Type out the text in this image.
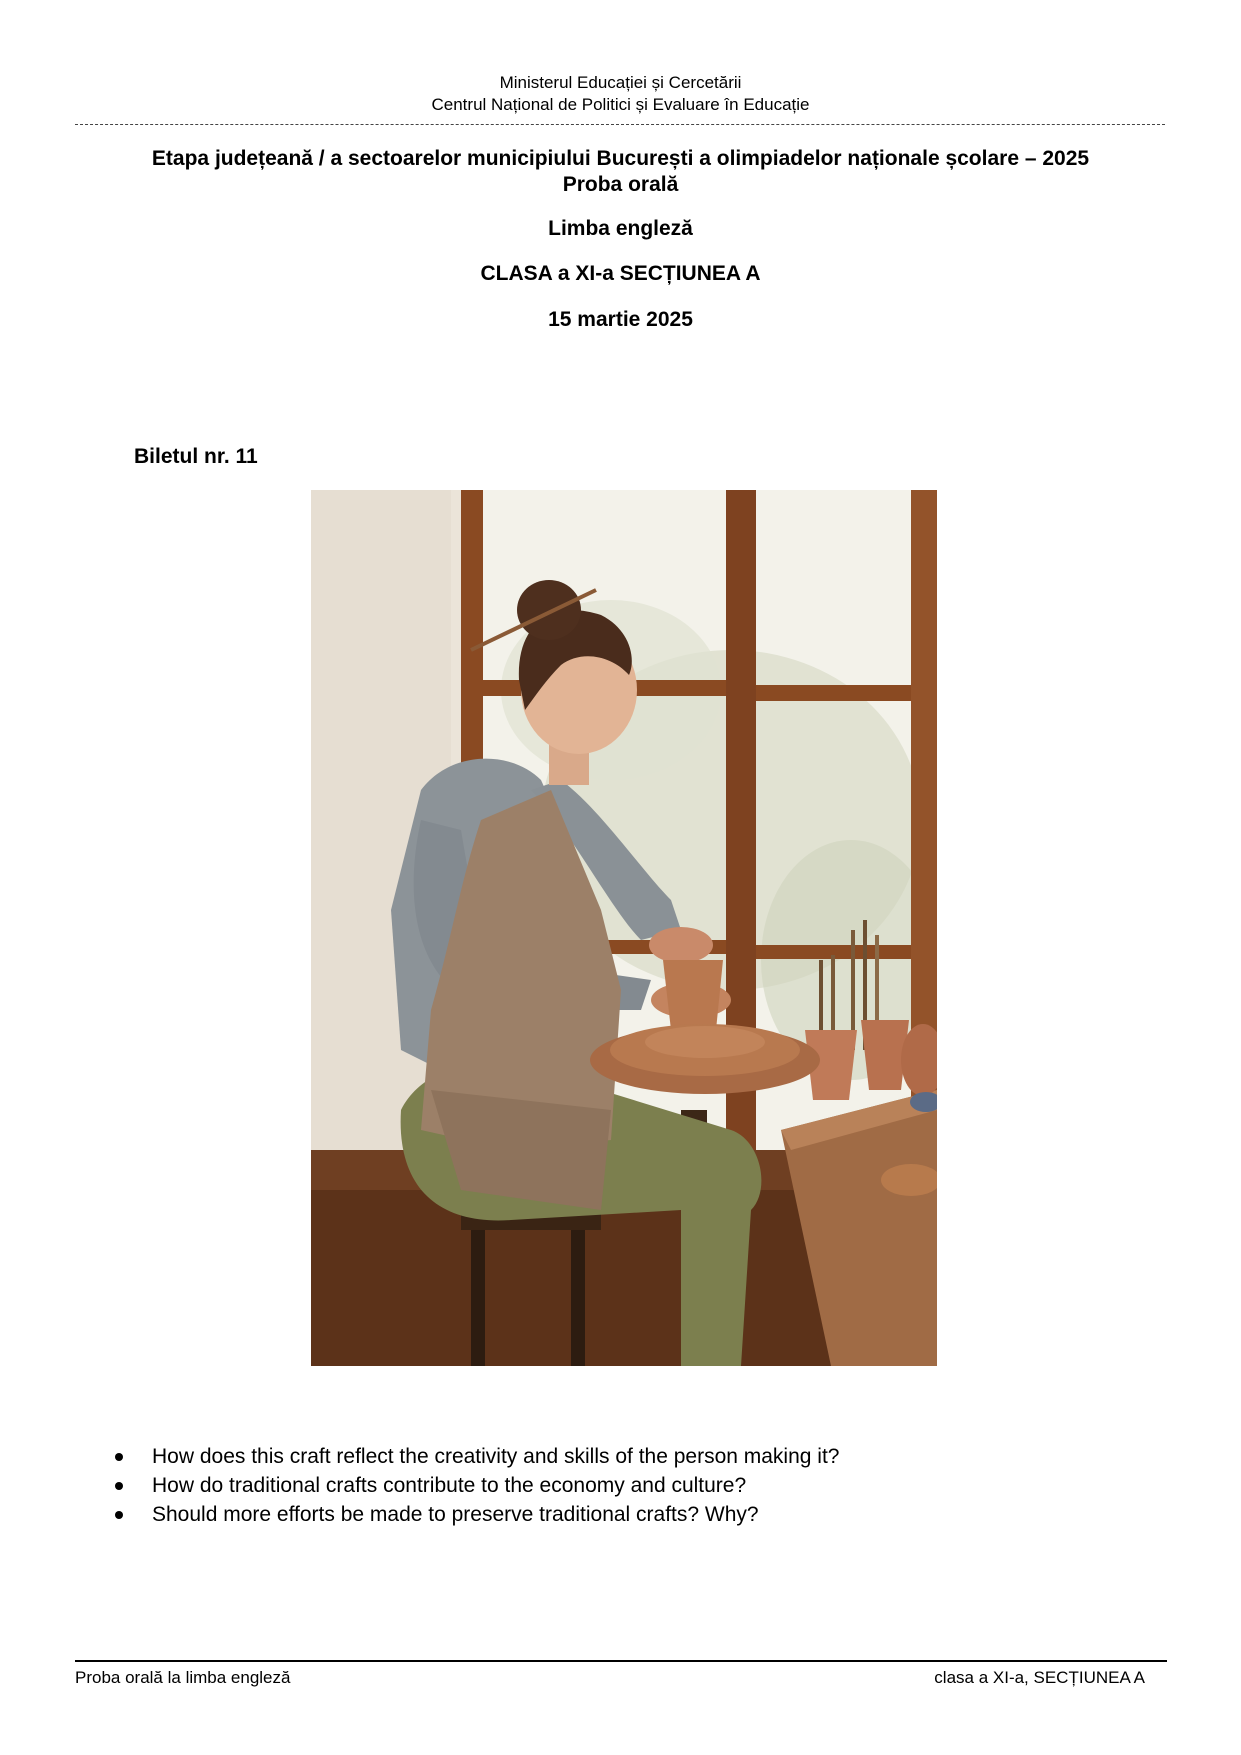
Ministerul Educației și Cercetării
Centrul Național de Politici și Evaluare în Educație
Etapa județeană / a sectoarelor municipiului București a olimpiadelor naționale școlare – 2025
Proba orală
Limba engleză
CLASA a XI-a SECȚIUNEA A
15 martie 2025
Biletul nr. 11
How does this craft reflect the creativity and skills of the person making it?
How do traditional crafts contribute to the economy and culture?
Should more efforts be made to preserve traditional crafts? Why?
Proba orală la limba engleză	clasa a XI-a, SECȚIUNEA A
